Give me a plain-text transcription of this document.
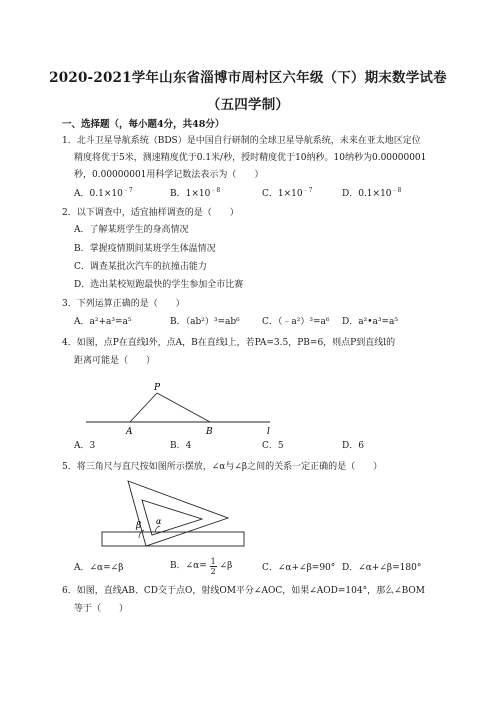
2020-2021学年山东省淄博市周村区六年级（下）期末数学试卷
（五四学制）
一、选择题（，每小题4分，共48分）
1．北斗卫星导航系统（BDS）是中国自行研制的全球卫星导航系统，未来在亚太地区定位
精度将优于5米，测速精度优于0.1米/秒，授时精度优于10纳秒。10纳秒为0.00000001
秒，0.00000001用科学记数法表示为（　　）
A．$0.1\times 10^{﹣7}$	B．$1\times 10^{﹣8}$	C．$1\times 10^{﹣7}$	D．$0.1\times 10^{﹣8}$
2．以下调查中，适宜抽样调查的是（　　）
A．了解某班学生的身高情况
B．掌握疫情期间某班学生体温情况
C．调查某批次汽车的抗撞击能力
D．选出某校短跑最快的学生参加全市比赛
3．下列运算正确的是（　　）
A．a²+a³=a⁵	B．（ab²）³=ab⁶ C．（﹣a²）³=a⁶ D．a²•a³=a⁵
4．如图，点P在直线l外，点A，B在直线l上，若PA=3.5，PB=6，则点P到直线l的
距离可能是（　　）
P
A	B	l
A．3	B．4	C．5	D．6
5．将三角尺与直尺按如图所示摆放，∠α与∠β之间的关系一定正确的是（　　）
β α
A．∠α=∠β	B．∠α= $\frac{1}{2}$ ∠β	C．∠α+∠β=90° D．∠α+∠β=180°
6．如图，直线AB、CD交于点O，射线OM平分∠AOC，如果∠AOD=104°，那么∠BOM
等于（　　）
